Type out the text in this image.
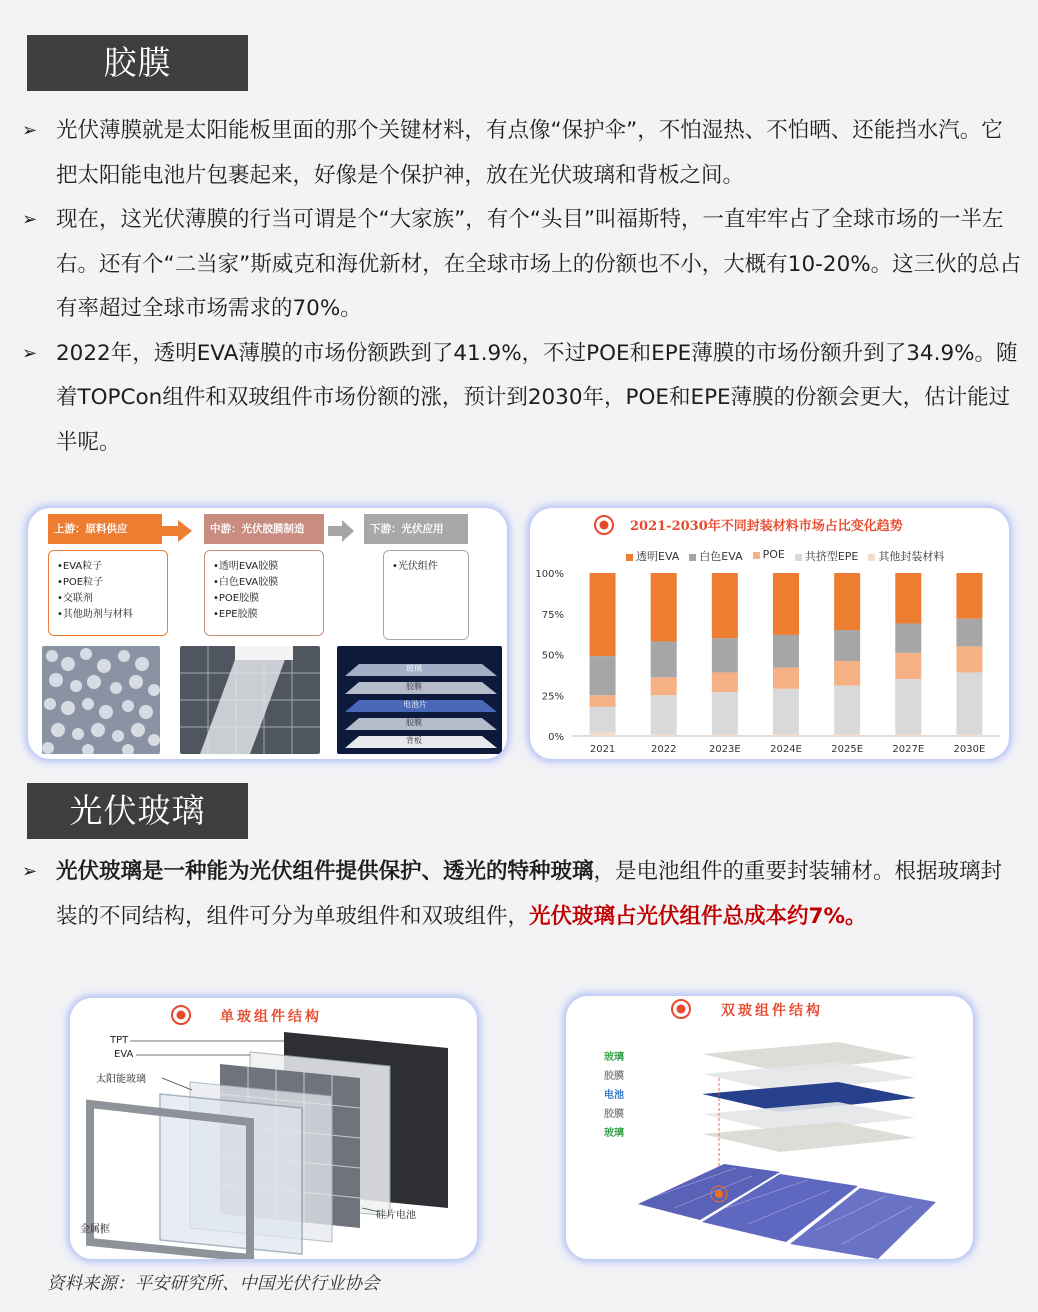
胶膜
➢ 光伏薄膜就是太阳能板里面的那个关键材料，有点像“保护伞”，不怕湿热、不怕晒、还能挡水汽。它把太阳能电池片包裹起来，好像是个保护神，放在光伏玻璃和背板之间。
➢ 现在，这光伏薄膜的行当可谓是个“大家族”，有个“头目”叫福斯特，一直牢牢占了全球市场的一半左右。还有个“二当家”斯威克和海优新材，在全球市场上的份额也不小，大概有10-20%。这三伙的总占有率超过全球市场需求的70%。
➢ 2022年，透明EVA薄膜的市场份额跌到了41.9%，不过POE和EPE薄膜的市场份额升到了34.9%。随着TOPCon组件和双玻组件市场份额的涨，预计到2030年，POE和EPE薄膜的份额会更大，估计能过半呢。
上游：原料供应
•EVA粒子
•POE粒子
•交联剂
•其他助剂与材料
中游：光伏胶膜制造
•透明EVA胶膜
•白色EVA胶膜
•POE胶膜
•EPE胶膜
下游：光伏应用
•光伏组件
玻璃
胶膜
电池片
胶膜
背板
2021-2030年不同封装材料市场占比变化趋势
透明EVA	白色EVA	POE	共挤型EPE	其他封装材料
100%
75%
50%
25%
0%
2021	2022	2023E	2024E	2025E	2027E	2030E
光伏玻璃
➢ 光伏玻璃是一种能为光伏组件提供保护、透光的特种玻璃，是电池组件的重要封装辅材。根据玻璃封装的不同结构，组件可分为单玻组件和双玻组件，光伏玻璃占光伏组件总成本约7%。
单玻组件结构
TPT
EVA
太阳能玻璃
金属框
硅片电池
双玻组件结构
玻璃
胶膜
电池
胶膜
玻璃
资料来源：平安研究所、中国光伏行业协会
